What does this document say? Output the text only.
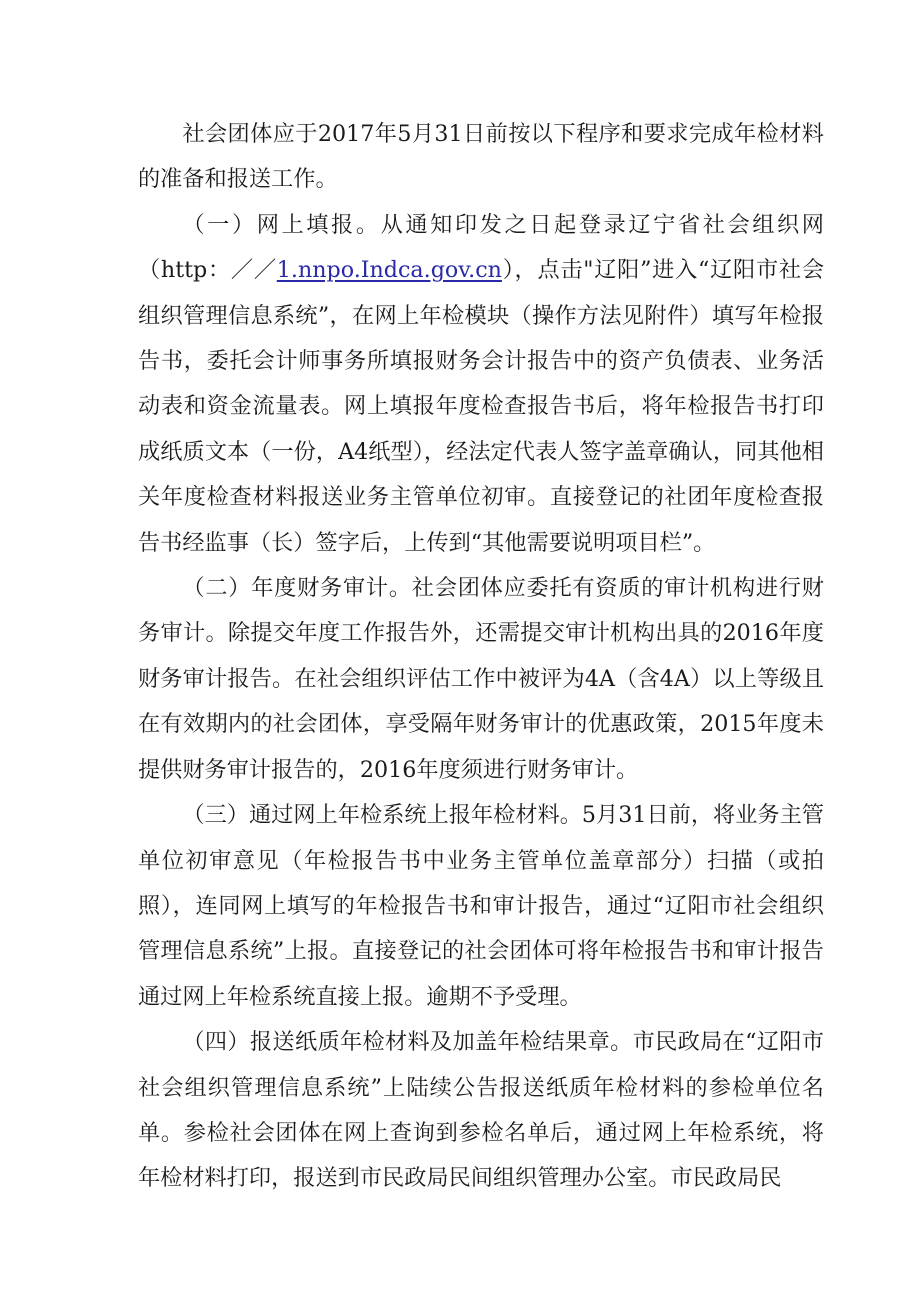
社会团体应于2017年5月31日前按以下程序和要求完成年检材料的准备和报送工作。

（一）网上填报。从通知印发之日起登录辽宁省社会组织网（http：／／1.nnpo.Indca.gov.cn），点击"辽阳”进入“辽阳市社会组织管理信息系统”，在网上年检模块（操作方法见附件）填写年检报告书，委托会计师事务所填报财务会计报告中的资产负债表、业务活动表和资金流量表。网上填报年度检查报告书后，将年检报告书打印成纸质文本（一份，A4纸型），经法定代表人签字盖章确认，同其他相关年度检查材料报送业务主管单位初审。直接登记的社团年度检查报告书经监事（长）签字后，上传到“其他需要说明项目栏”。

（二）年度财务审计。社会团体应委托有资质的审计机构进行财务审计。除提交年度工作报告外，还需提交审计机构出具的2016年度财务审计报告。在社会组织评估工作中被评为4A（含4A）以上等级且在有效期内的社会团体，享受隔年财务审计的优惠政策，2015年度未提供财务审计报告的，2016年度须进行财务审计。

（三）通过网上年检系统上报年检材料。5月31日前，将业务主管单位初审意见（年检报告书中业务主管单位盖章部分）扫描（或拍照），连同网上填写的年检报告书和审计报告，通过“辽阳市社会组织管理信息系统”上报。直接登记的社会团体可将年检报告书和审计报告通过网上年检系统直接上报。逾期不予受理。

（四）报送纸质年检材料及加盖年检结果章。市民政局在“辽阳市社会组织管理信息系统”上陆续公告报送纸质年检材料的参检单位名单。参检社会团体在网上查询到参检名单后，通过网上年检系统，将年检材料打印，报送到市民政局民间组织管理办公室。市民政局民
